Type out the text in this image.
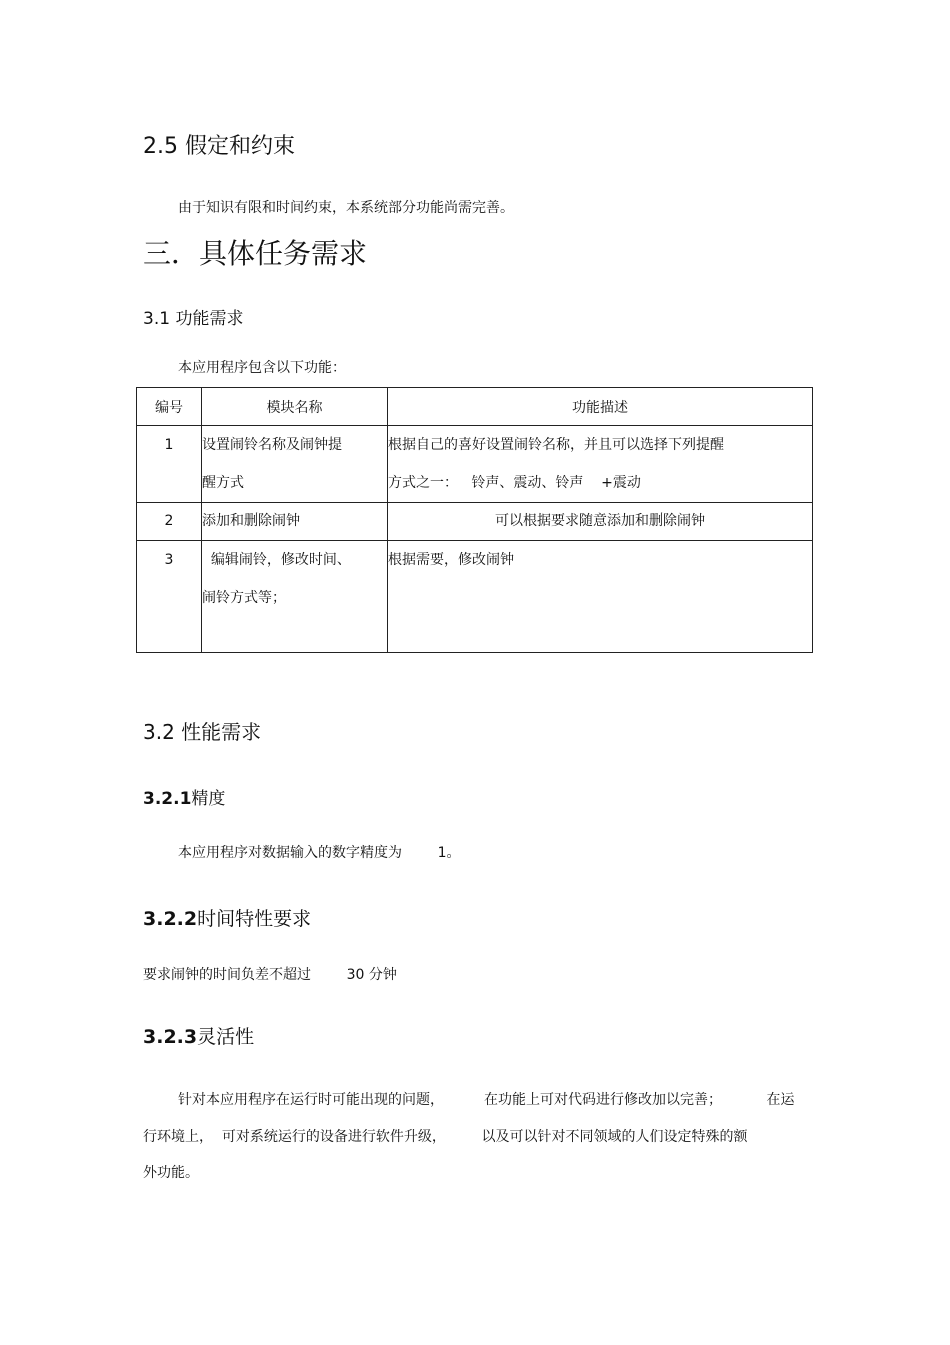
2.5 假定和约束
由于知识有限和时间约束，本系统部分功能尚需完善。
三．具体任务需求
3.1 功能需求
本应用程序包含以下功能：
编号	模块名称	功能描述

1	设置闹铃名称及闹钟提
醒方式	根据自己的喜好设置闹铃名称，并且可以选择下列提醒
方式之一：   铃声、震动、铃声    +震动

2	添加和删除闹钟	可以根据要求随意添加和删除闹钟

3	编辑闹铃，修改时间、
闹铃方式等；	根据需要，修改闹钟
3.2 性能需求
3.2.1精度
本应用程序对数据输入的数字精度为        1。
3.2.2时间特性要求
要求闹钟的时间负差不超过        30 分钟
3.2.3灵活性
针对本应用程序在运行时可能出现的问题，         在功能上可对代码进行修改加以完善；          在运
行环境上，  可对系统运行的设备进行软件升级，        以及可以针对不同领域的人们设定特殊的额
外功能。
